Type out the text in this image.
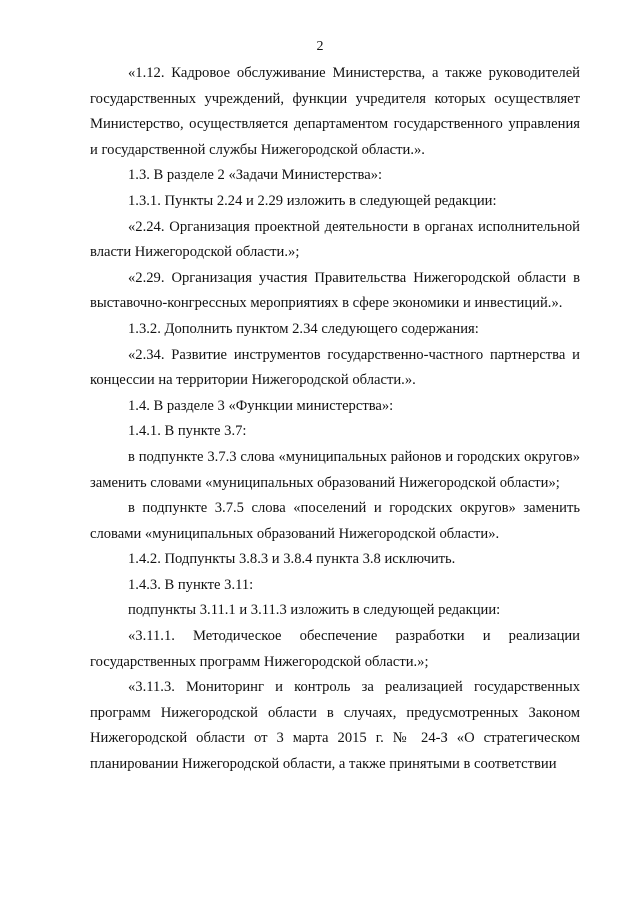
2

«1.12. Кадровое обслуживание Министерства, а также руководителей государственных учреждений, функции учредителя которых осуществляет Министерство, осуществляется департаментом государственного управления и государственной службы Нижегородской области.».

1.3. В разделе 2 «Задачи Министерства»:

1.3.1. Пункты 2.24 и 2.29 изложить в следующей редакции:

«2.24. Организация проектной деятельности в органах исполнительной власти Нижегородской области.»;

«2.29. Организация участия Правительства Нижегородской области в выставочно-конгрессных мероприятиях в сфере экономики и инвестиций.».

1.3.2. Дополнить пунктом 2.34 следующего содержания:

«2.34. Развитие инструментов государственно-частного партнерства и концессии на территории Нижегородской области.».

1.4. В разделе 3 «Функции министерства»:

1.4.1. В пункте 3.7:

в подпункте 3.7.3 слова «муниципальных районов и городских округов» заменить словами «муниципальных образований Нижегородской области»;

в подпункте 3.7.5 слова «поселений и городских округов» заменить словами «муниципальных образований Нижегородской области».

1.4.2. Подпункты 3.8.3 и 3.8.4 пункта 3.8 исключить.

1.4.3. В пункте 3.11:

подпункты 3.11.1 и 3.11.3 изложить в следующей редакции:

«3.11.1. Методическое обеспечение разработки и реализации государственных программ Нижегородской области.»;

«3.11.3. Мониторинг и контроль за реализацией государственных программ Нижегородской области в случаях, предусмотренных Законом Нижегородской области от 3 марта 2015 г. № 24-З «О стратегическом планировании Нижегородской области, а также принятыми в соответствии
